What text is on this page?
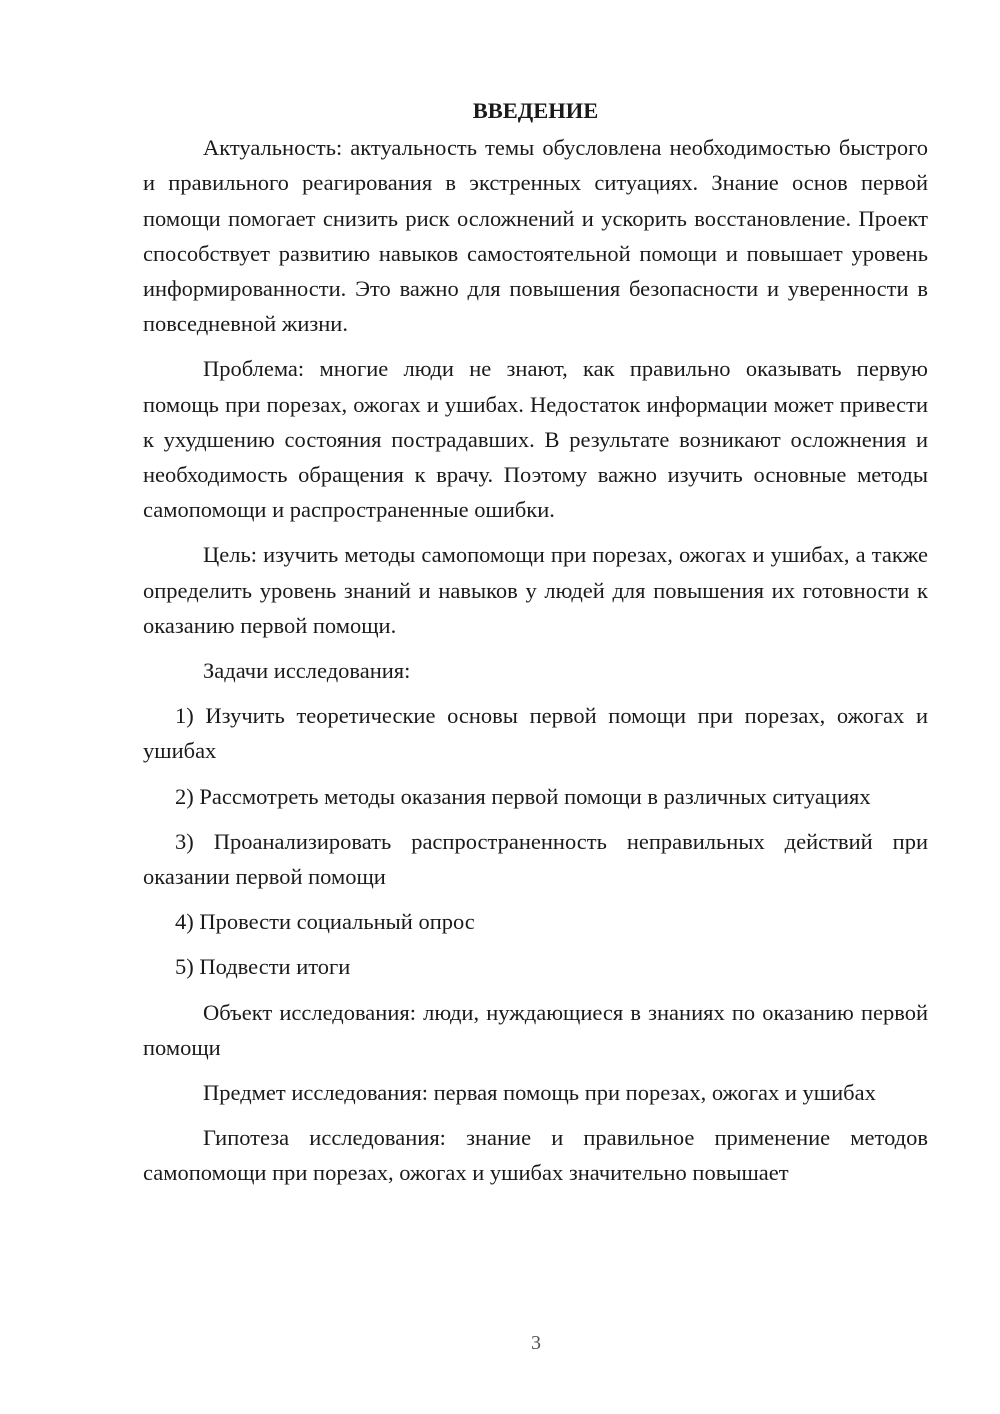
ВВЕДЕНИЕ

Актуальность: актуальность темы обусловлена необходимостью быстрого и правильного реагирования в экстренных ситуациях. Знание основ первой помощи помогает снизить риск осложнений и ускорить восстановление. Проект способствует развитию навыков самостоятельной помощи и повышает уровень информированности. Это важно для повышения безопасности и уверенности в повседневной жизни.

Проблема: многие люди не знают, как правильно оказывать первую помощь при порезах, ожогах и ушибах. Недостаток информации может привести к ухудшению состояния пострадавших. В результате возникают осложнения и необходимость обращения к врачу. Поэтому важно изучить основные методы самопомощи и распространенные ошибки.

Цель: изучить методы самопомощи при порезах, ожогах и ушибах, а также определить уровень знаний и навыков у людей для повышения их готовности к оказанию первой помощи.

Задачи исследования:

1) Изучить теоретические основы первой помощи при порезах, ожогах и ушибах

2) Рассмотреть методы оказания первой помощи в различных ситуациях

3) Проанализировать распространенность неправильных действий при оказании первой помощи

4) Провести социальный опрос

5) Подвести итоги

Объект исследования: люди, нуждающиеся в знаниях по оказанию первой помощи

Предмет исследования: первая помощь при порезах, ожогах и ушибах

Гипотеза исследования: знание и правильное применение методов самопомощи при порезах, ожогах и ушибах значительно повышает

3
